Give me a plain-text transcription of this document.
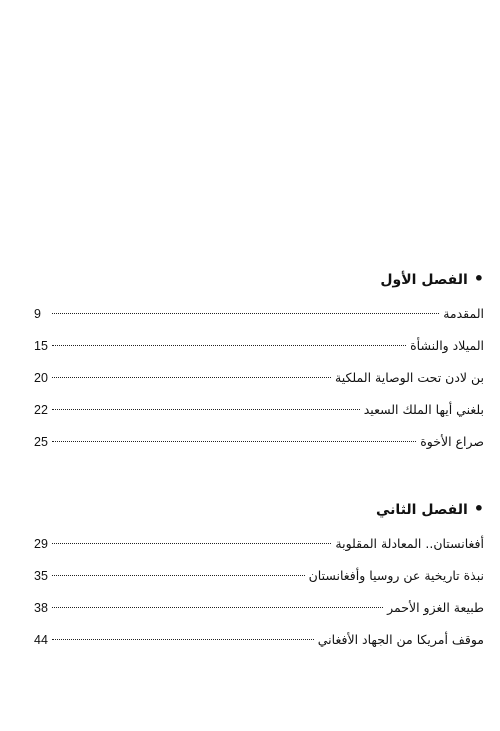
•الفصل الأول
المقدمة
9
الميلاد والنشأة
15
بن لادن تحت الوصاية الملكية
20
بلغني أيها الملك السعيد
22
صراع الأخوة
25
•الفصل الثاني
أفغانستان.. المعادلة المقلوبة
29
نبذة تاريخية عن روسيا وأفغانستان
35
طبيعة الغزو الأحمر
38
موقف أمريكا من الجهاد الأفغاني
44
